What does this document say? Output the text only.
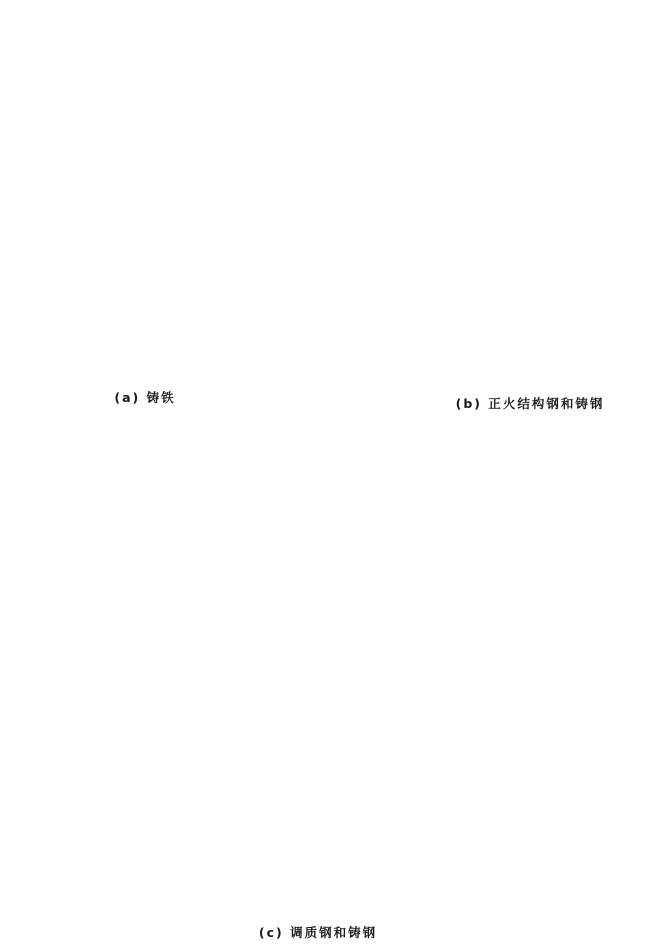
(a) 铸铁	(b) 正火结构钢和铸钢
(c) 调质钢和铸钢
